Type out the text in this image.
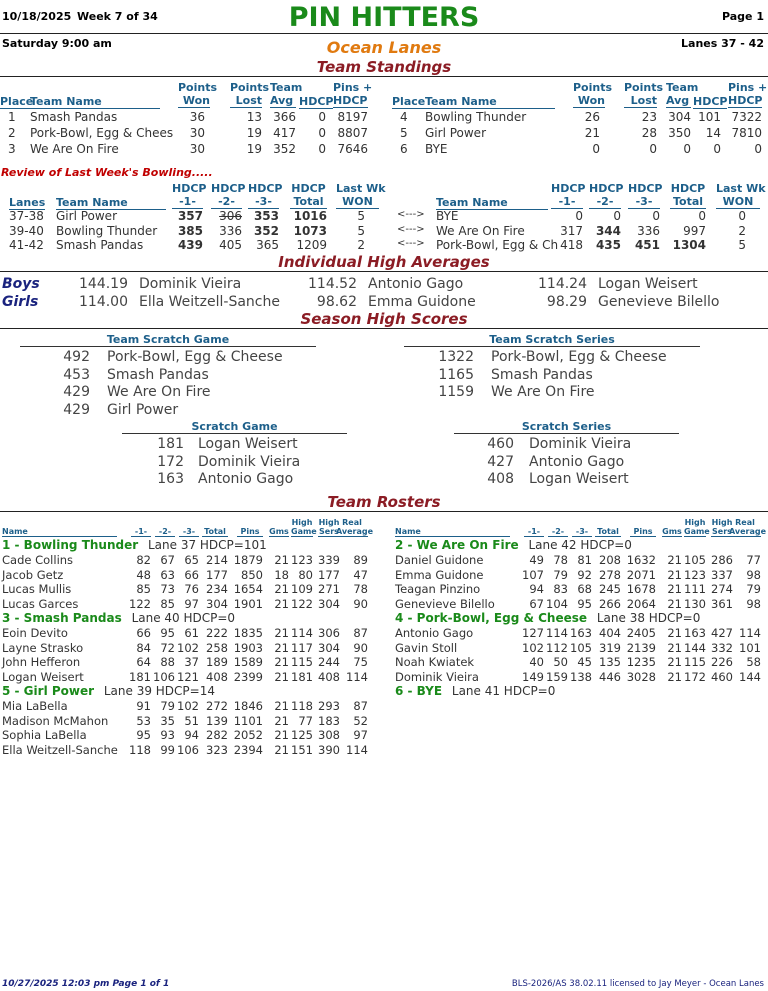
10/18/2025 Week 7 of 34	PIN HITTERS	Page 1
Saturday 9:00 am	Ocean Lanes	Lanes 37 - 42
Team Standings
Place
Team Name
Points
Won
Points
Lost
Team
Avg HDCP
Pins +
HDCP
1 Smash Pandas	36	13 366	0 8197
2 Pork-Bowl, Egg & Chees	30	19 417	0 8807
3 We Are On Fire	30	19 352	0 7646
Place Team Name
Points
Won
Points
Lost
Team
Avg HDCP
Pins +
HDCP
4 Bowling Thunder	26	23 304 101 7322
5 Girl Power	21	28 350	14 7810
6 BYE	0	0	0	0	0
Review of Last Week's Bowling.....
Lanes Team Name
HDCP
-1-
HDCP
-2-
HDCP
-3-
HDCP
Total
Last Wk
WON	Team Name
HDCP
-1-
HDCP
-2-
HDCP
-3-
HDCP
Total
Last Wk
WON
37-38 Girl Power	357	306 353 1016	5	<---> BYE	0	0	0	0	0
39-40 Bowling Thunder	385	336 352 1073	5	<---> We Are On Fire	317	344	336	997	2
41-42 Smash Pandas	439	405	365	1209	2	<---> Pork-Bowl, Egg & Ch 418	435	451 1304	5
Individual High Averages
Boys
Girls
144.19 Dominik Vieira	114.52 Antonio Gago	114.24 Logan Weisert
114.00 Ella Weitzell-Sanche	98.62 Emma Guidone	98.29 Genevieve Bilello
Season High Scores
Team Scratch Game	Team Scratch Series
492 Pork-Bowl, Egg & Cheese
453 Smash Pandas
429 We Are On Fire
429 Girl Power
1322 Pork-Bowl, Egg & Cheese
1165 Smash Pandas
1159 We Are On Fire
Scratch Game	Scratch Series
181 Logan Weisert
172 Dominik Vieira
163 Antonio Gago
460 Dominik Vieira
427 Antonio Gago
408 Logan Weisert
Team Rosters
Name	-1-	-2-	-3-	Total	Pins	Gms
High
Game
High
Sers
Real
Average
1 - Bowling Thunder Lane 37 HDCP=101
Cade Collins	82 67 65 214 1879 21 123 339	89
Jacob Getz	48 63 66 177	850 18 80 177	47
Lucas Mullis	85 73 76 234 1654 21 109 271	78
Lucas Garces	122 85 97 304 1901 21 122 304	90
3 - Smash Pandas Lane 40 HDCP=0
Eoin Devito	66 95 61 222 1835 21 114 306	87
Layne Strasko	84 72 102 258 1903 21 117 304	90
John Hefferon	64 88 37 189 1589 21 115 244	75
Logan Weisert	181 106 121 408 2399 21 181 408 114
5 - Girl Power Lane 39 HDCP=14
Mia LaBella	91 79 102 272 1846 21 118 293	87
Madison McMahon	53 35 51 139 1101 21 77 183	52
Sophia LaBella	95 93 94 282 2052 21 125 308	97
Ella Weitzell-Sanche 118 99 106 323 2394 21 151 390 114
Name	-1-	-2-	-3-	Total	Pins	Gms
High
Game
High
Sers
Real
Average
2 - We Are On Fire Lane 42 HDCP=0
Daniel Guidone	49 78 81 208 1632 21 105 286	77
Emma Guidone	107 79 92 278 2071 21 123 337	98
Teagan Pinzino	94 83 68 245 1678 21 111 274	79
Genevieve Bilello	67 104 95 266 2064 21 130 361	98
4 - Pork-Bowl, Egg & Cheese Lane 38 HDCP=0
Antonio Gago	127 114 163 404 2405 21 163 427 114
Gavin Stoll	102 112 105 319 2139 21 144 332 101
Noah Kwiatek	40 50 45 135 1235 21 115 226	58
Dominik Vieira	149 159 138 446 3028 21 172 460 144
6 - BYE Lane 41 HDCP=0
10/27/2025 12:03 pm Page 1 of 1	BLS-2026/AS 38.02.11 licensed to Jay Meyer - Ocean Lanes
